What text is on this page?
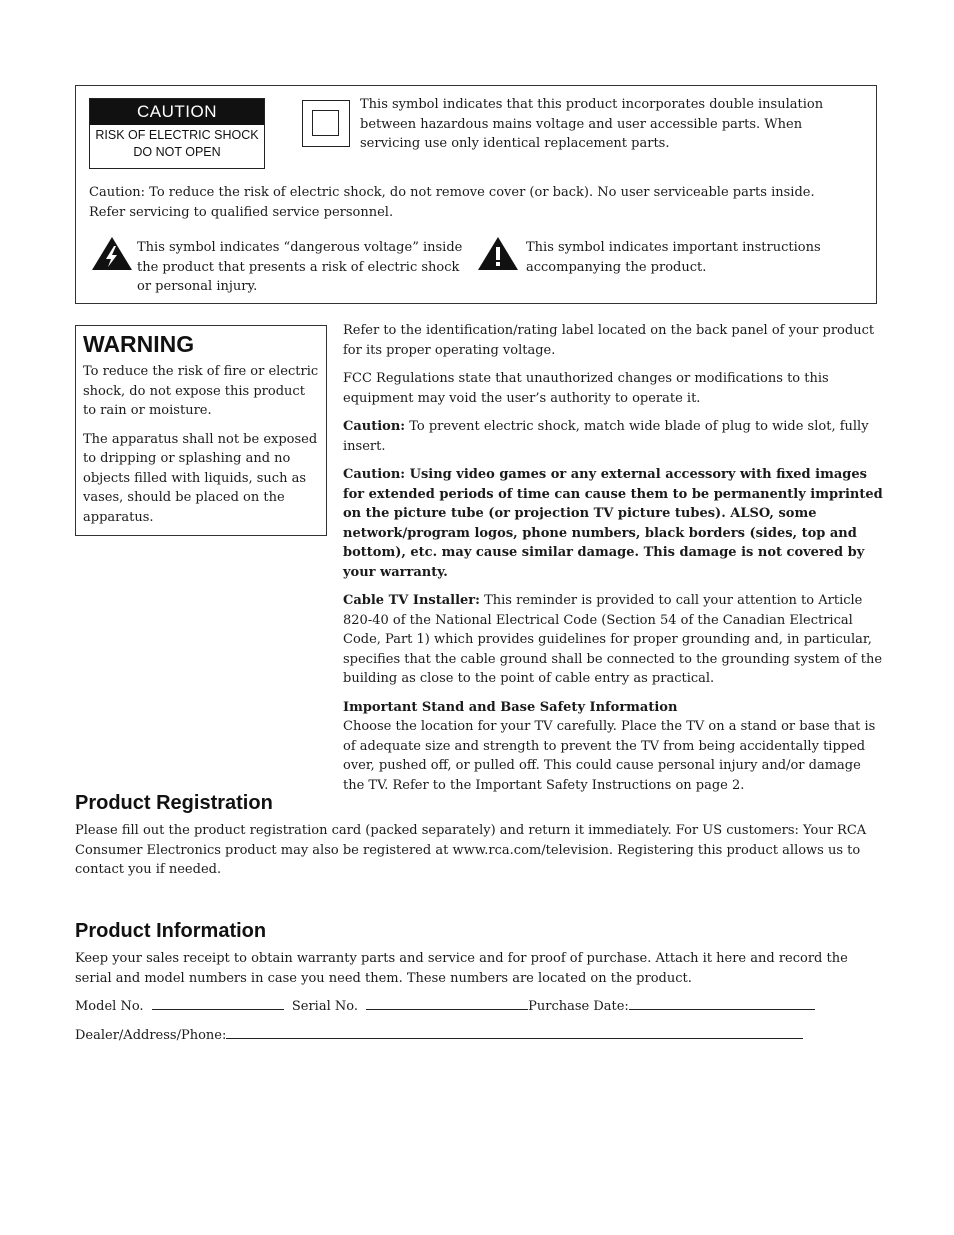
CAUTION
RISK OF ELECTRIC SHOCK
DO NOT OPEN
This symbol indicates that this product incorporates double insulation between hazardous mains voltage and user accessible parts. When servicing use only identical replacement parts.
Caution: To reduce the risk of electric shock, do not remove cover (or back). No user serviceable parts inside. Refer servicing to qualified service personnel.
This symbol indicates “dangerous voltage” inside the product that presents a risk of electric shock or personal injury.
This symbol indicates important instructions accompanying the product.
WARNING

To reduce the risk of fire or electric shock, do not expose this product to rain or moisture.

The apparatus shall not be exposed to dripping or splashing and no objects filled with liquids, such as vases, should be placed on the apparatus.

Refer to the identification/rating label located on the back panel of your product for its proper operating voltage.

FCC Regulations state that unauthorized changes or modifications to this equipment may void the user’s authority to operate it.

Caution: To prevent electric shock, match wide blade of plug to wide slot, fully insert.

Caution: Using video games or any external accessory with fixed images for extended periods of time can cause them to be permanently imprinted on the picture tube (or projection TV picture tubes). ALSO, some network/program logos, phone numbers, black borders (sides, top and bottom), etc. may cause similar damage. This damage is not covered by your warranty.

Cable TV Installer: This reminder is provided to call your attention to Article 820-40 of the National Electrical Code (Section 54 of the Canadian Electrical Code, Part 1) which provides guidelines for proper grounding and, in particular, specifies that the cable ground shall be connected to the grounding system of the building as close to the point of cable entry as practical.

Important Stand and Base Safety Information
Choose the location for your TV carefully. Place the TV on a stand or base that is of adequate size and strength to prevent the TV from being accidentally tipped over, pushed off, or pulled off. This could cause personal injury and/or damage the TV. Refer to the Important Safety Instructions on page 2.

Product Registration
Please fill out the product registration card (packed separately) and return it immediately. For US customers: Your RCA Consumer Electronics product may also be registered at www.rca.com/television. Registering this product allows us to contact you if needed.
Product Information
Keep your sales receipt to obtain warranty parts and service and for proof of purchase. Attach it here and record the serial and model numbers in case you need them. These numbers are located on the product.
Model No.	Serial No.	Purchase Date:
Dealer/Address/Phone:
